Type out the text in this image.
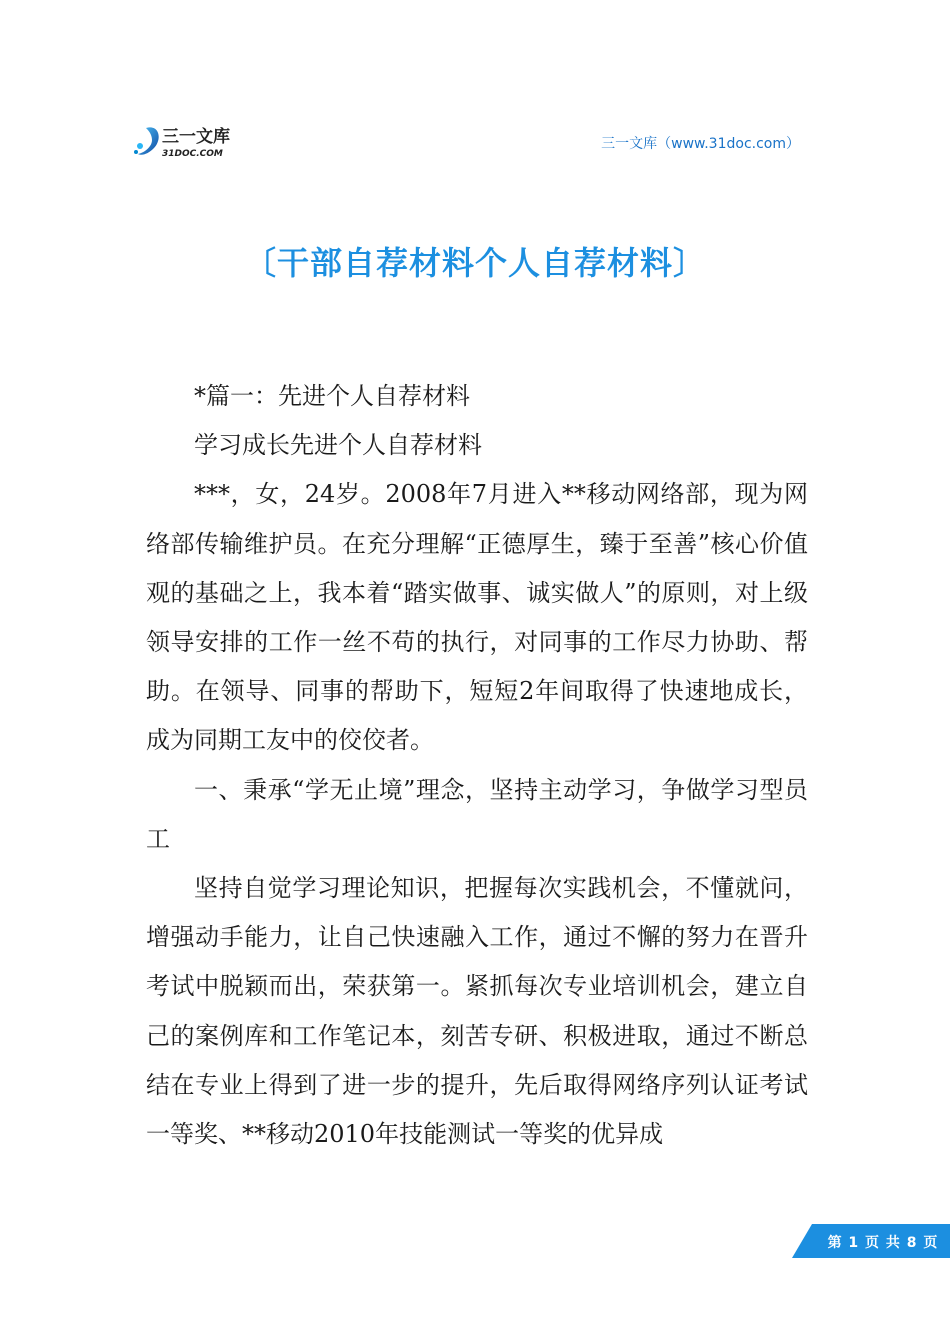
三一文库
31DOC.COM
三一文库（www.31doc.com）
〔干部自荐材料个人自荐材料〕

*篇一：先进个人自荐材料

学习成长先进个人自荐材料

***，女，24岁。2008年7月进入**移动网络部，现为网络部传输维护员。在充分理解“正德厚生，臻于至善”核心价值观的基础之上，我本着“踏实做事、诚实做人”的原则，对上级领导安排的工作一丝不苟的执行，对同事的工作尽力协助、帮助。在领导、同事的帮助下，短短2年间取得了快速地成长，成为同期工友中的佼佼者。

一、秉承“学无止境”理念，坚持主动学习，争做学习型员工

坚持自觉学习理论知识，把握每次实践机会，不懂就问，增强动手能力，让自己快速融入工作，通过不懈的努力在晋升考试中脱颖而出，荣获第一。紧抓每次专业培训机会，建立自己的案例库和工作笔记本，刻苦专研、积极进取，通过不断总结在专业上得到了进一步的提升，先后取得网络序列认证考试一等奖、**移动2010年技能测试一等奖的优异成

第 1 页 共 8 页
